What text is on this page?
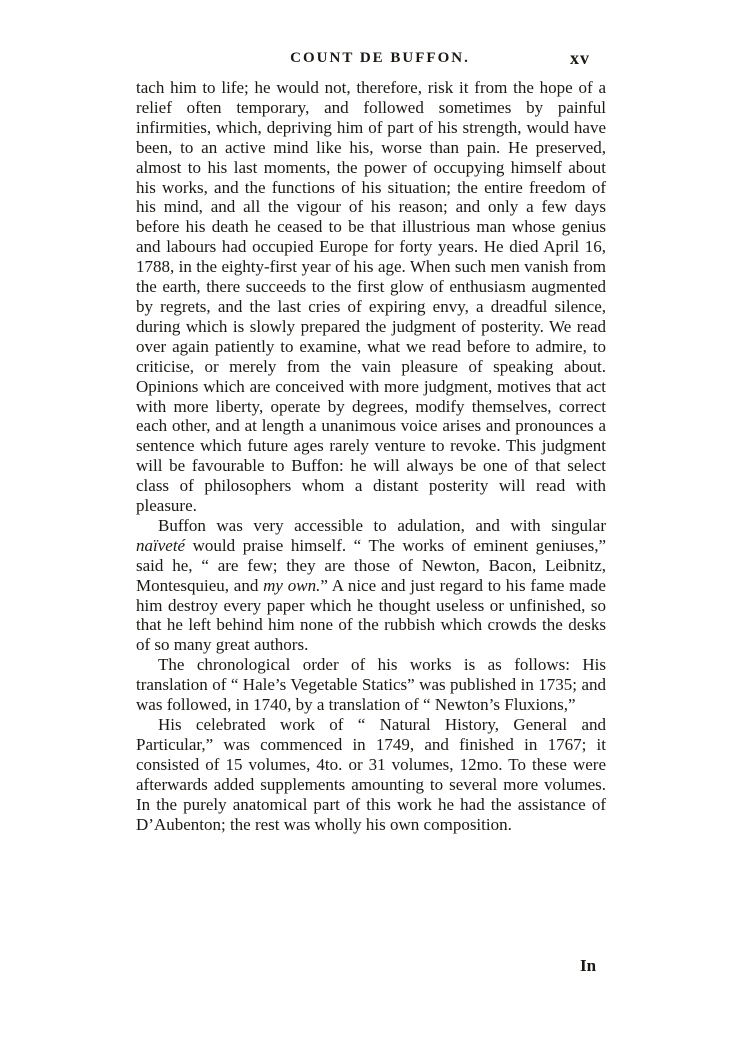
COUNT DE BUFFON.	xv

tach him to life; he would not, therefore, risk it from the hope of a relief often temporary, and followed sometimes by painful infirmities, which, depriving him of part of his strength, would have been, to an active mind like his, worse than pain. He preserved, almost to his last moments, the power of occupying himself about his works, and the functions of his situation; the entire freedom of his mind, and all the vigour of his reason; and only a few days before his death he ceased to be that illustrious man whose genius and labours had occupied Europe for forty years. He died April 16, 1788, in the eighty-first year of his age. When such men vanish from the earth, there succeeds to the first glow of enthusiasm augmented by regrets, and the last cries of expiring envy, a dreadful silence, during which is slowly prepared the judgment of posterity. We read over again patiently to examine, what we read before to admire, to criticise, or merely from the vain pleasure of speaking about. Opinions which are conceived with more judgment, motives that act with more liberty, operate by degrees, modify themselves, correct each other, and at length a unanimous voice arises and pronounces a sentence which future ages rarely venture to revoke. This judgment will be favourable to Buffon: he will always be one of that select class of philosophers whom a distant posterity will read with pleasure.

Buffon was very accessible to adulation, and with singular naïveté would praise himself. “ The works of eminent geniuses,” said he, “ are few; they are those of Newton, Bacon, Leibnitz, Montesquieu, and my own.” A nice and just regard to his fame made him destroy every paper which he thought useless or unfinished, so that he left behind him none of the rubbish which crowds the desks of so many great authors.

The chronological order of his works is as follows: His translation of “ Hale’s Vegetable Statics” was published in 1735; and was followed, in 1740, by a translation of “ Newton’s Fluxions,”

His celebrated work of “ Natural History, General and Particular,” was commenced in 1749, and finished in 1767; it consisted of 15 volumes, 4to. or 31 volumes, 12mo. To these were afterwards added supplements amounting to several more volumes. In the purely anatomical part of this work he had the assistance of D’Aubenton; the rest was wholly his own composition.

In
